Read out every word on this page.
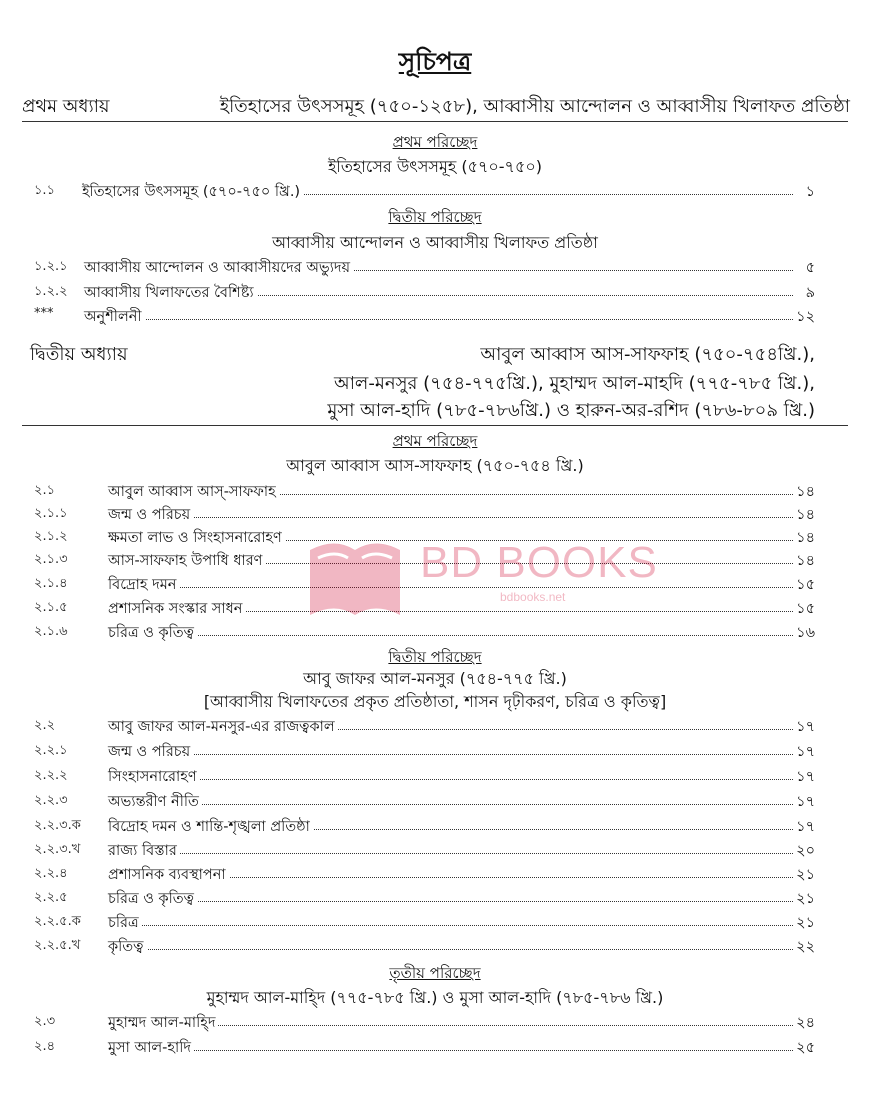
সূচিপত্র
প্রথম অধ্যায়	ইতিহাসের উৎসসমূহ (৭৫০-১২৫৮), আব্বাসীয় আন্দোলন ও আব্বাসীয় খিলাফত প্রতিষ্ঠা
প্রথম পরিচ্ছেদ
ইতিহাসের উৎসসমূহ (৫৭০-৭৫০)
১.১ ইতিহাসের উৎসসমূহ (৫৭০-৭৫০ খ্রি.)	১
দ্বিতীয় পরিচ্ছেদ
আব্বাসীয় আন্দোলন ও আব্বাসীয় খিলাফত প্রতিষ্ঠা
১.২.১ আব্বাসীয় আন্দোলন ও আব্বাসীয়দের অভ্যুদয়	৫
১.২.২ আব্বাসীয় খিলাফতের বৈশিষ্ট্য	৯
*** অনুশীলনী	১২
দ্বিতীয় অধ্যায়	আবুল আব্বাস আস-সাফফাহ (৭৫০-৭৫৪খ্রি.),
আল-মনসুর (৭৫৪-৭৭৫খ্রি.), মুহাম্মদ আল-মাহদি (৭৭৫-৭৮৫ খ্রি.),
মুসা আল-হাদি (৭৮৫-৭৮৬খ্রি.) ও হারুন-অর-রশিদ (৭৮৬-৮০৯ খ্রি.)
প্রথম পরিচ্ছেদ
আবুল আব্বাস আস-সাফফাহ (৭৫০-৭৫৪ খ্রি.)
২.১	আবুল আব্বাস আস্-সাফফাহ	১৪
২.১.১	জন্ম ও পরিচয়	১৪
২.১.২	ক্ষমতা লাভ ও সিংহাসনারোহণ	১৪
২.১.৩	আস-সাফফাহ উপাধি ধারণ	১৪
২.১.৪	বিদ্রোহ দমন	১৫
২.১.৫	প্রশাসনিক সংস্কার সাধন	১৫
২.১.৬	চরিত্র ও কৃতিত্ব	১৬
দ্বিতীয় পরিচ্ছেদ
আবু জাফর আল-মনসুর (৭৫৪-৭৭৫ খ্রি.)
[আব্বাসীয় খিলাফতের প্রকৃত প্রতিষ্ঠাতা, শাসন দৃঢ়ীকরণ, চরিত্র ও কৃতিত্ব]
২.২	আবু জাফর আল-মনসুর-এর রাজত্বকাল	১৭
২.২.১	জন্ম ও পরিচয়	১৭
২.২.২	সিংহাসনারোহণ	১৭
২.২.৩	অভ্যন্তরীণ নীতি	১৭
২.২.৩.ক বিদ্রোহ দমন ও শান্তি-শৃঙ্খলা প্রতিষ্ঠা	১৭
২.২.৩.খ রাজ্য বিস্তার	২০
২.২.৪	প্রশাসনিক ব্যবস্থাপনা	২১
২.২.৫	চরিত্র ও কৃতিত্ব	২১
২.২.৫.ক চরিত্র	২১
২.২.৫.খ কৃতিত্ব	২২
তৃতীয় পরিচ্ছেদ
মুহাম্মদ আল-মাহ্দি (৭৭৫-৭৮৫ খ্রি.) ও মুসা আল-হাদি (৭৮৫-৭৮৬ খ্রি.)
২.৩	মুহাম্মদ আল-মাহ্দি	২৪
২.৪	মুসা আল-হাদি	২৫
BD BOOKS
bdbooks.net
